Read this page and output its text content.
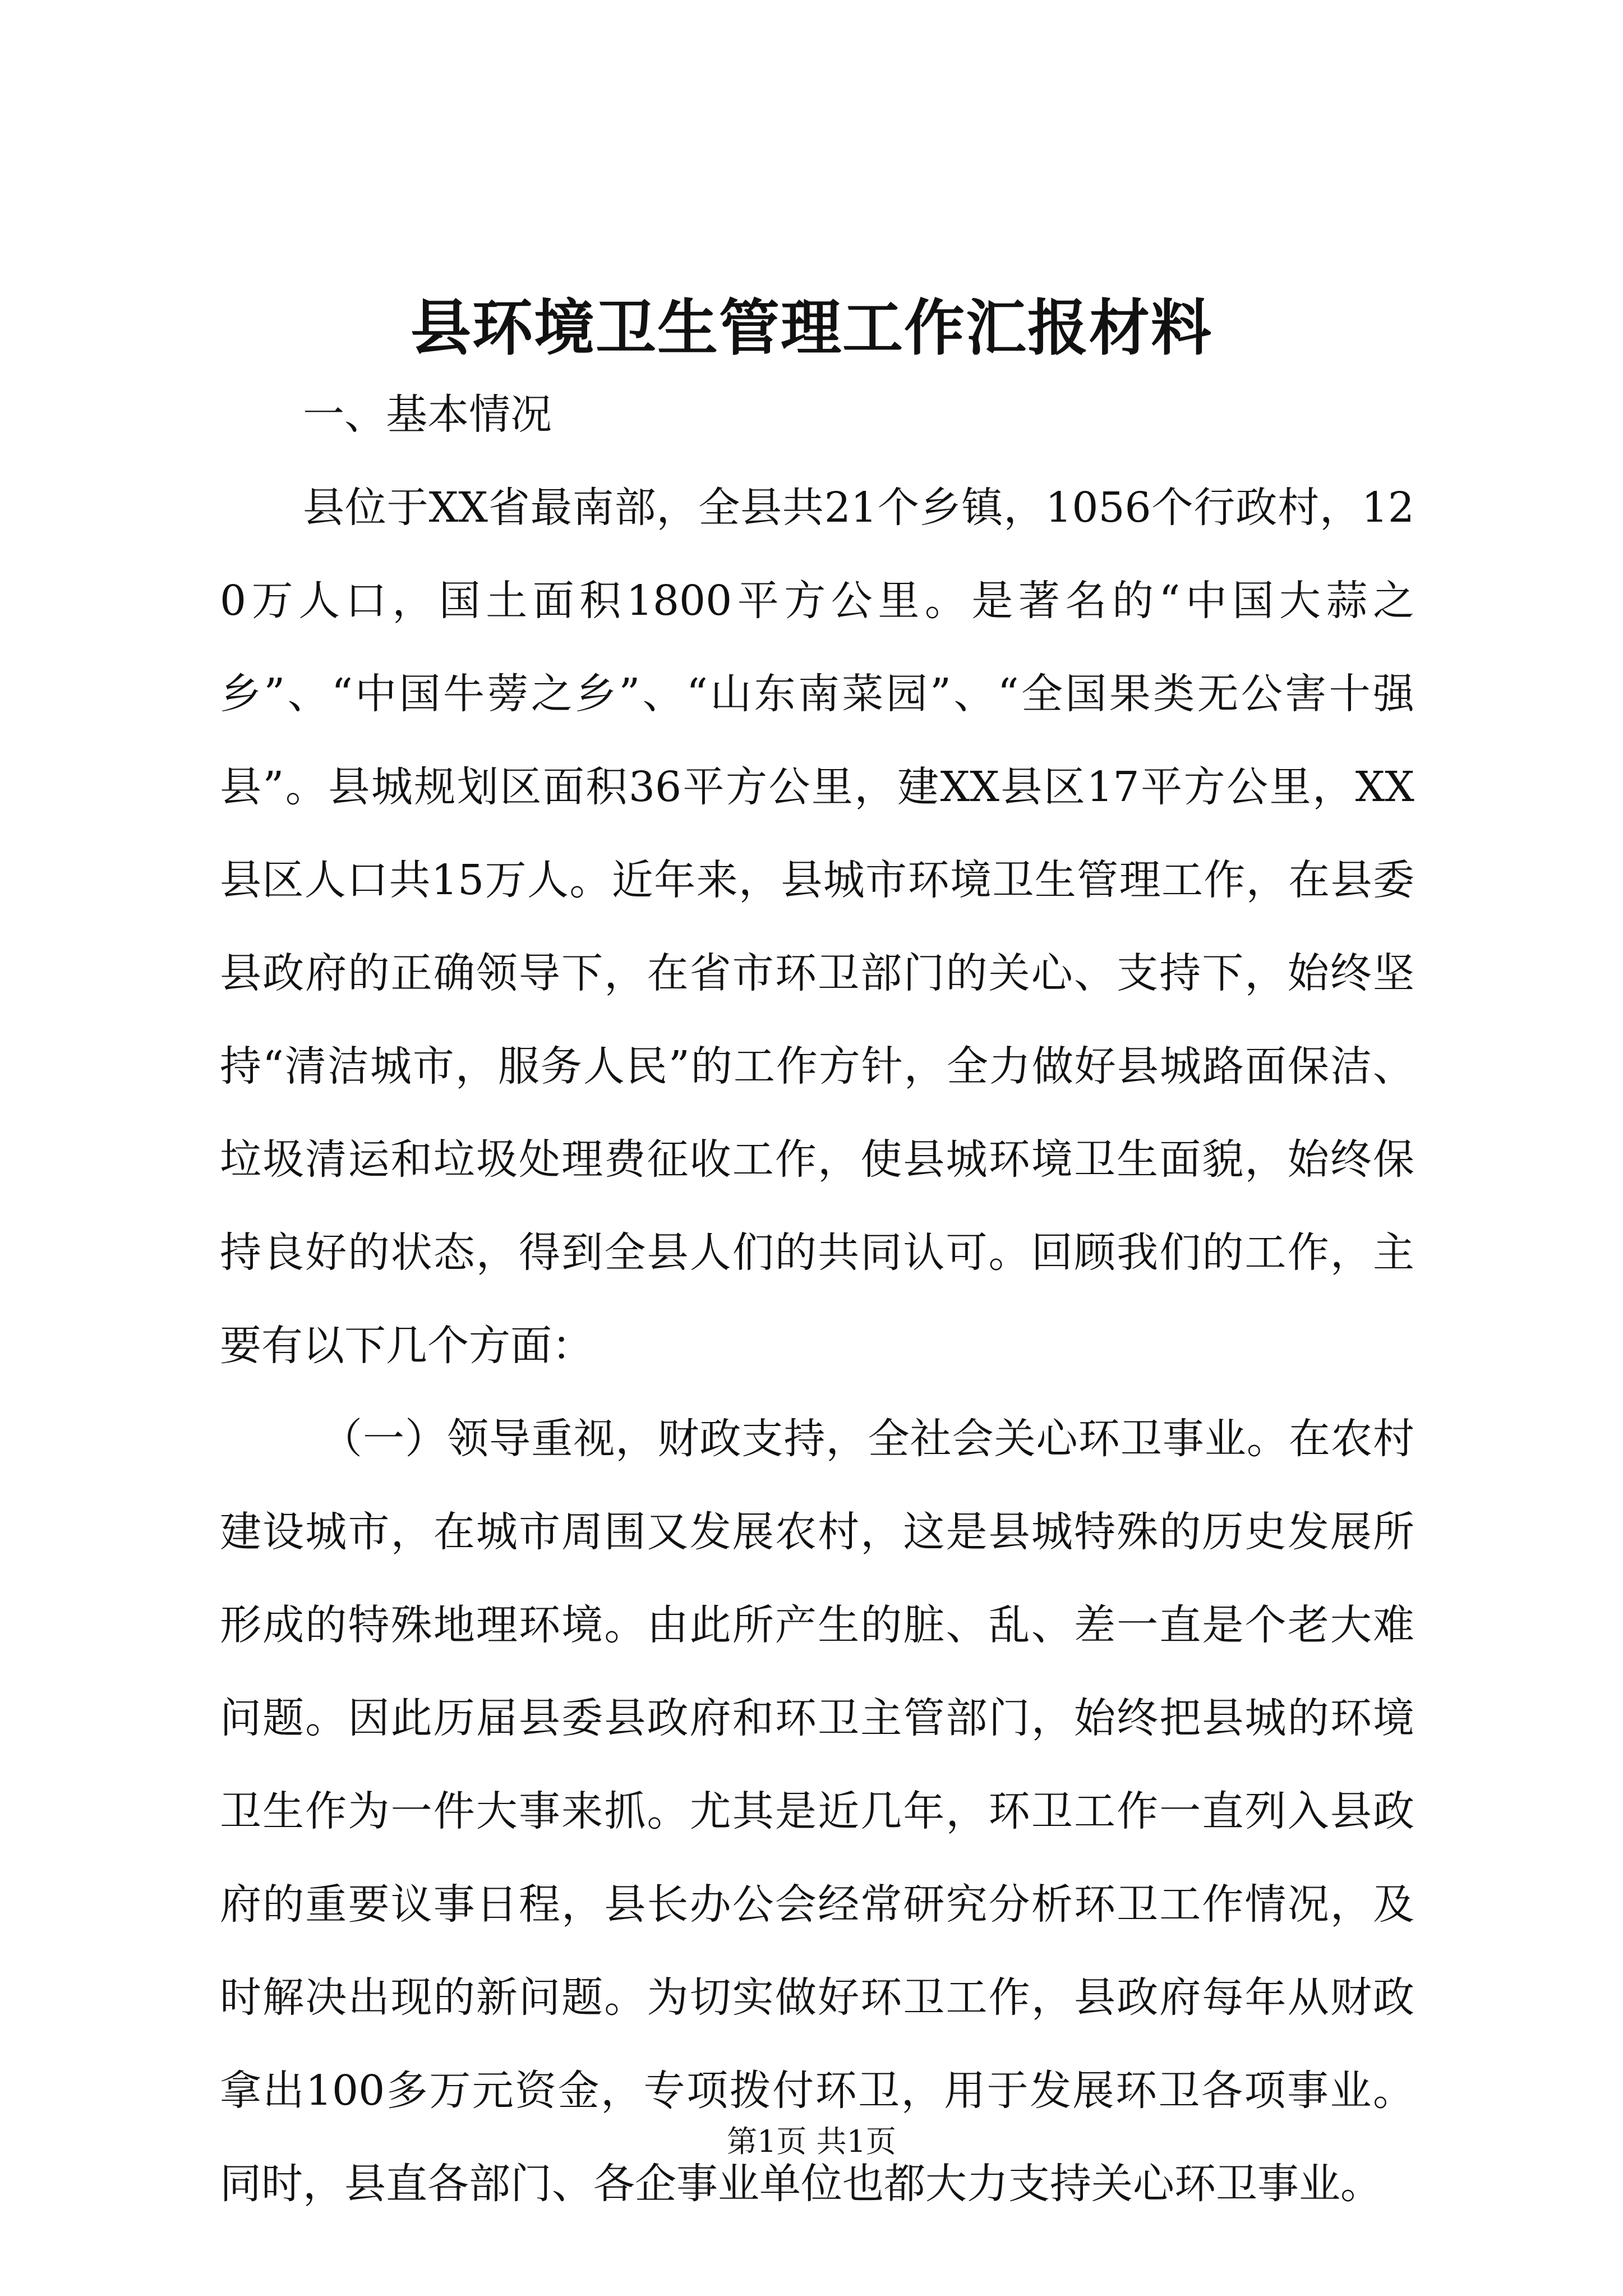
县环境卫生管理工作汇报材料

一、基本情况

县位于XX省最南部，全县共21个乡镇，1056个行政村，120万人口，国土面积1800平方公里。是著名的“中国大蒜之乡”、“中国牛蒡之乡”、“山东南菜园”、“全国果类无公害十强县”。县城规划区面积36平方公里，建XX县区17平方公里，XX县区人口共15万人。近年来，县城市环境卫生管理工作，在县委县政府的正确领导下，在省市环卫部门的关心、支持下，始终坚持“清洁城市，服务人民”的工作方针，全力做好县城路面保洁、垃圾清运和垃圾处理费征收工作，使县城环境卫生面貌，始终保持良好的状态，得到全县人们的共同认可。回顾我们的工作，主要有以下几个方面：

（一）领导重视，财政支持，全社会关心环卫事业。在农村建设城市，在城市周围又发展农村，这是县城特殊的历史发展所形成的特殊地理环境。由此所产生的脏、乱、差一直是个老大难问题。因此历届县委县政府和环卫主管部门，始终把县城的环境卫生作为一件大事来抓。尤其是近几年，环卫工作一直列入县政府的重要议事日程，县长办公会经常研究分析环卫工作情况，及时解决出现的新问题。为切实做好环卫工作，县政府每年从财政拿出100多万元资金，专项拨付环卫，用于发展环卫各项事业。同时，县直各部门、各企事业单位也都大力支持关心环卫事业。

第1页 共1页
